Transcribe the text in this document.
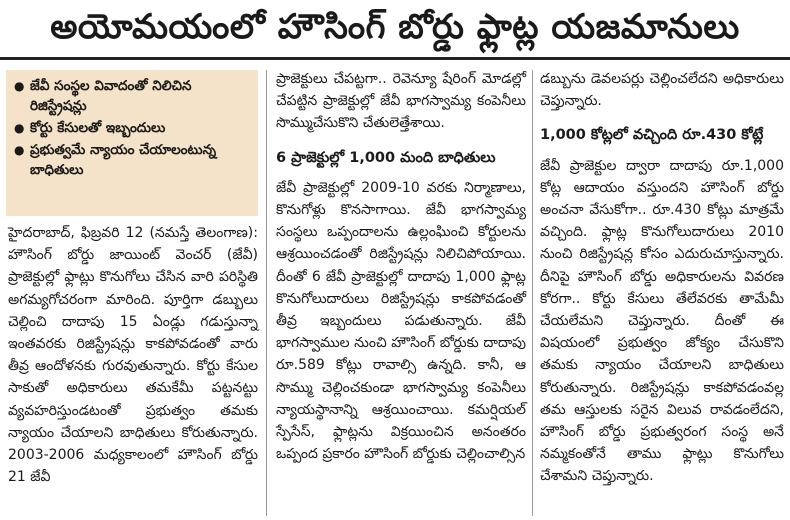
అయోమయంలో హౌసింగ్ బోర్డు ఫ్లాట్ల యజమానులు
● జేవీ సంస్థల వివాదంతో నిలిచిన రిజిస్ట్రేషన్లు
● కోర్టు కేసులతో ఇబ్బందులు
● ప్రభుత్వమే న్యాయం చేయాలంటున్న బాధితులు

హైదరాబాద్, ఫిబ్రవరి 12 (నమస్తే తెలంగాణ): హౌసింగ్ బోర్డు జాయింట్ వెంచర్ (జేవీ) ప్రాజెక్టుల్లో ఫ్లాట్లు కొనుగోలు చేసిన వారి పరిస్థితి అగమ్యగోచరంగా మారింది. పూర్తిగా డబ్బులు చెల్లించి దాదాపు 15 ఏండ్లు గడుస్తున్నా ఇంతవరకు రిజిస్ట్రేషన్లు కాకపోవడంతో వారు తీవ్ర ఆందోళనకు గురవుతున్నారు. కోర్టు కేసుల సాకుతో అధికారులు తమకేమీ పట్టనట్టు వ్యవహరిస్తుండటంతో ప్రభుత్వం తమకు న్యాయం చేయాలని బాధితులు కోరుతున్నారు. 2003-2006 మధ్యకాలంలో హౌసింగ్ బోర్డు 21 జేవీ

ప్రాజెక్టులు చేపట్టగా.. రెవెన్యూ షేరింగ్ మోడల్లో చేపట్టిన ప్రాజెక్టుల్లో జేవీ భాగస్వామ్య కంపెనీలు సొమ్ముచేసుకొని చేతులెత్తేశాయి.

6 ప్రాజెక్టుల్లో 1,000 మంది బాధితులు

జేవీ ప్రాజెక్టుల్లో 2009-10 వరకు నిర్మాణాలు, కొనుగోళ్లు కొనసాగాయి. జేవీ భాగస్వామ్య సంస్థలు ఒప్పందాలను ఉల్లంఘించి కోర్టులను ఆశ్రయించడంతో రిజిస్ట్రేషన్లు నిలిచిపోయాయి. దీంతో 6 జేవీ ప్రాజెక్టుల్లో దాదాపు 1,000 ఫ్లాట్ల కొనుగోలుదారులు రిజిస్ట్రేషన్లు కాకపోవడంతో తీవ్ర ఇబ్బందులు పడుతున్నారు. జేవీ భాగస్వాముల నుంచి హౌసింగ్ బోర్డుకు దాదాపు రూ.589 కోట్లు రావాల్సి ఉన్నది. కానీ, ఆ సొమ్ము చెల్లించకుండా భాగస్వామ్య కంపెనీలు న్యాయస్థానాన్ని ఆశ్రయించాయి. కమర్షియల్ స్పేసేస్, ఫ్లాట్లను విక్రయించిన అనంతరం ఒప్పంద ప్రకారం హౌసింగ్ బోర్డుకు చెల్లించాల్సిన

డబ్బును డెవలపర్లు చెల్లించలేదని అధికారులు చెప్తున్నారు.

1,000 కోట్లలో వచ్చింది రూ.430 కోట్లే

జేవీ ప్రాజెక్టుల ద్వారా దాదాపు రూ.1,000 కోట్ల ఆదాయం వస్తుందని హౌసింగ్ బోర్డు అంచనా వేసుకోగా.. రూ.430 కోట్లు మాత్రమే వచ్చింది. ఫ్లాట్ల కొనుగోలుదారులు 2010 నుంచి రిజిస్ట్రేషన్ల కోసం ఎదురుచూస్తున్నారు. దీనిపై హౌసింగ్ బోర్డు అధికారులను వివరణ కోరగా.. కోర్టు కేసులు తేలేవరకు తామేమీ చేయలేమని చెప్తున్నారు. దీంతో ఈ విషయంలో ప్రభుత్వం జోక్యం చేసుకొని తమకు న్యాయం చేయాలని బాధితులు కోరుతున్నారు. రిజిస్ట్రేషన్లు కాకపోవడంవల్ల తమ ఆస్తులకు సరైన విలువ రావడంలేదని, హౌసింగ్ బోర్డు ప్రభుత్వరంగ సంస్థ అనే నమ్మకంతోనే తాము ఫ్లాట్లు కొనుగోలు చేశామని చెప్తున్నారు.
